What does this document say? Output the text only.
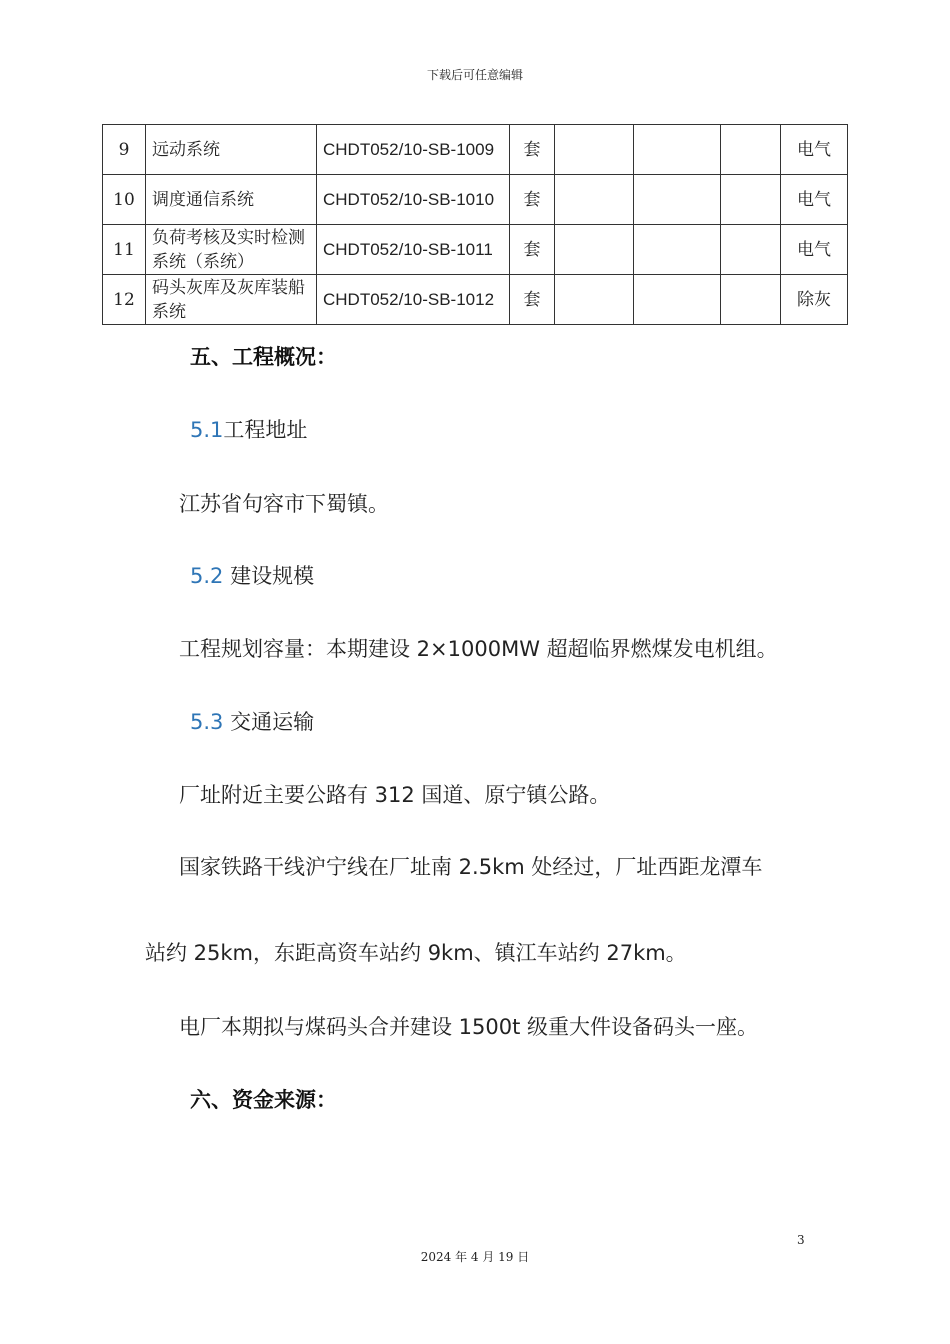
下载后可任意编辑
9	远动系统	CHDT052/10-SB-1009	套				电气
10	调度通信系统	CHDT052/10-SB-1010	套				电气
11	负荷考核及实时检测系统（系统）	CHDT052/10-SB-1011	套				电气
12	码头灰库及灰库装船系统	CHDT052/10-SB-1012	套				除灰
五、工程概况：
5.1工程地址
江苏省句容市下蜀镇。
5.2 建设规模
工程规划容量：本期建设 2×1000MW 超超临界燃煤发电机组。
5.3 交通运输
厂址附近主要公路有 312 国道、原宁镇公路。
国家铁路干线沪宁线在厂址南 2.5km 处经过，厂址西距龙潭车
站约 25km，东距高资车站约 9km、镇江车站约 27km。
电厂本期拟与煤码头合并建设 1500t 级重大件设备码头一座。
六、资金来源：
3
2024 年 4 月 19 日
